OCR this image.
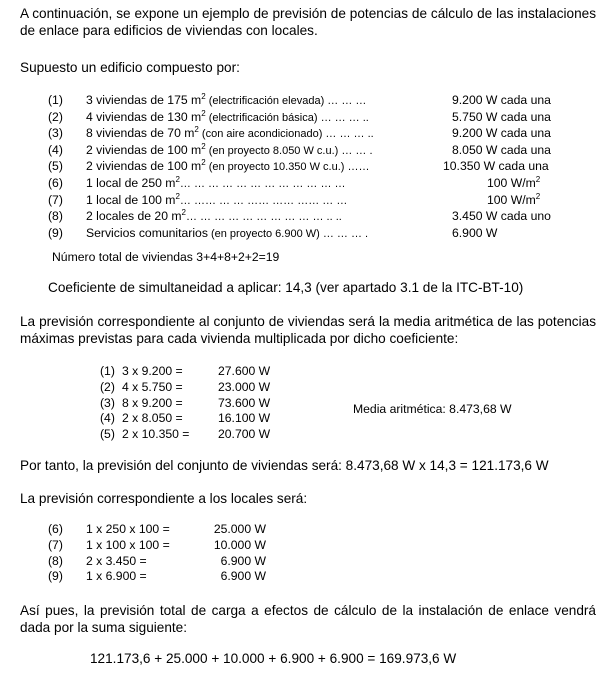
A continuación, se expone un ejemplo de previsión de potencias de cálculo de las instalaciones de enlace para edificios de viviendas con locales.
Supuesto un edificio compuesto por:
(1)	3 viviendas de 175 $m^2$ (electrificación elevada) … … …	9.200 W cada una
(2)	4 viviendas de 130 $m^2$ (electrificación básica) … … … ..	5.750 W cada una
(3)	8 viviendas de 70 $m^2$ (con aire acondicionado) … … … ..	9.200 W cada una
(4)	2 viviendas de 100 $m^2$ (en proyecto 8.050 W c.u.) … … .	8.050 W cada una
(5)	2 viviendas de 100 $m^2$ (en proyecto 10.350 W c.u.) ……	10.350 W cada una
(6)	1 local de 250 $m^2\dots$ … … … … … … … … … … …	100 $W/m^2$
(7)	1 local de 100 $m^2\dots$ …… … … …… …… …… … …	100 $W/m^2$
(8)	2 locales de 20 $m^2\dots$ … … … … … … … … … .. ..	3.450 W cada uno
(9)	Servicios comunitarios (en proyecto 6.900 W) … … … .	6.900 W
Número total de viviendas 3+4+8+2+2=19
Coeficiente de simultaneidad a aplicar: 14,3 (ver apartado 3.1 de la ITC-BT-10)
La previsión correspondiente al conjunto de viviendas será la media aritmética de las potencias máximas previstas para cada vivienda multiplicada por dicho coeficiente:
(1)	3 x 9.200 =	27.600 W
(2)	4 x 5.750 =	23.000 W
(3)	8 x 9.200 =	73.600 W
(4)	2 x 8.050 =	16.100 W
(5)	2 x 10.350 =	20.700 W
Media aritmética: 8.473,68 W
Por tanto, la previsión del conjunto de viviendas será: 8.473,68 W x 14,3 = 121.173,6 W
La previsión correspondiente a los locales será:
(6)	1 x 250 x 100 =	25.000 W
(7)	1 x 100 x 100 =	10.000 W
(8)	2 x 3.450 =	6.900 W
(9)	1 x 6.900 =	6.900 W
Así pues, la previsión total de carga a efectos de cálculo de la instalación de enlace vendrá dada por la suma siguiente:
121.173,6 + 25.000 + 10.000 + 6.900 + 6.900 = 169.973,6 W
